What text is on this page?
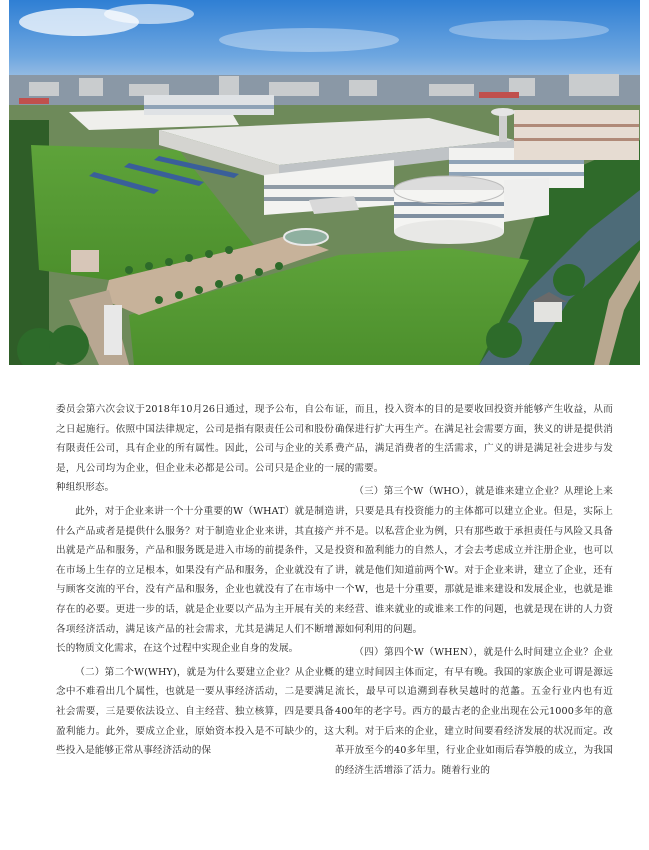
委员会第六次会议于2018年10月26日通过，现予公布，自公布之日起施行。依照中国法律规定，公司是指有限责任公司和股份有限责任公司，具有企业的所有属性。因此，公司与企业的关系是，凡公司均为企业，但企业未必都是公司。公司只是企业的一种组织形态。

此外，对于企业来讲一个十分重要的W（WHAT）就是制造什么产品或者是提供什么服务？对于制造业企业来讲，其直接产出就是产品和服务，产品和服务既是进入市场的前提条件，又是在市场上生存的立足根本，如果没有产品和服务，企业就没有了与顾客交流的平台，没有产品和服务，企业也就没有了在市场中存在的必要。更进一步的话，就是企业要以产品为主开展有关的各项经济活动，满足该产品的社会需求，尤其是满足人们不断增长的物质文化需求，在这个过程中实现企业自身的发展。

（二）第二个W(WHY)，就是为什么要建立企业？从企业概念中不难看出几个属性，也就是一要从事经济活动，二是要满足社会需要，三是要依法设立、自主经营、独立核算，四是要具备盈利能力。此外，要成立企业，原始资本投入是不可缺少的，这些投入是能够正常从事经济活动的保

证，而且，投入资本的目的是要收回投资并能够产生收益，从而确保进行扩大再生产。在满足社会需要方面，狭义的讲是提供消费产品，满足消费者的生活需求，广义的讲是满足社会进步与发展的需要。

（三）第三个W（WHO），就是谁来建立企业？从理论上来讲，只要是具有投资能力的主体都可以建立企业。但是，实际上并不是。以私营企业为例，只有那些敢于承担责任与风险又具备投资和盈利能力的自然人，才会去考虑成立并注册企业，也可以讲，就是他们知道前两个W。对于企业来讲，建立了企业，还有一个W，也是十分重要，那就是谁来建设和发展企业，也就是谁来经营、谁来就业的或谁来工作的问题，也就是现在讲的人力资源如何利用的问题。

（四）第四个W（WHEN），就是什么时间建立企业？企业的建立时间因主体而定，有早有晚。我国的家族企业可谓是源远流长，最早可以追溯到春秋吴越时的范蠡。五金行业内也有近400年的老字号。西方的最古老的企业出现在公元1000多年的意大利。对于后来的企业，建立时间要看经济发展的状况而定。改革开放至今的40多年里，行业企业如雨后春笋般的成立，为我国的经济生活增添了活力。随着行业的
